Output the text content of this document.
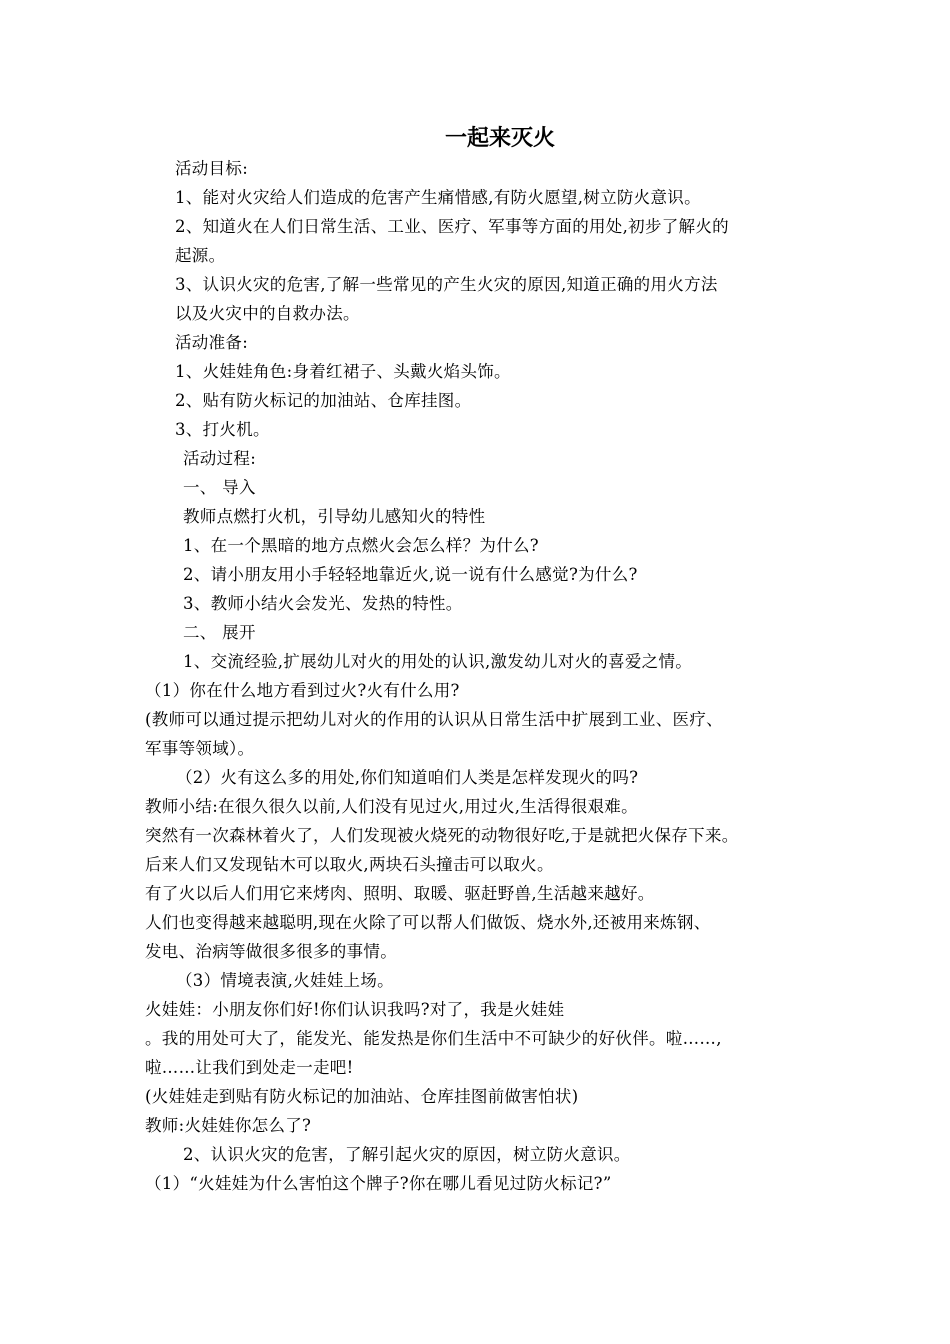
一起来灭火
活动目标:
1、能对火灾给人们造成的危害产生痛惜感,有防火愿望,树立防火意识。
2、知道火在人们日常生活、工业、医疗、军事等方面的用处,初步了解火的
起源。
3、认识火灾的危害,了解一些常见的产生火灾的原因,知道正确的用火方法
以及火灾中的自救办法。
活动准备:
1、火娃娃角色:身着红裙子、头戴火焰头饰。
2、贴有防火标记的加油站、仓库挂图。
3、打火机。
活动过程:
一、 导入
教师点燃打火机，引导幼儿感知火的特性
1、在一个黑暗的地方点燃火会怎么样？为什么?
2、请小朋友用小手轻轻地靠近火,说一说有什么感觉?为什么?
3、教师小结火会发光、发热的特性。
二、 展开
1、交流经验,扩展幼儿对火的用处的认识,激发幼儿对火的喜爱之情。
（1）你在什么地方看到过火?火有什么用?
(教师可以通过提示把幼儿对火的作用的认识从日常生活中扩展到工业、医疗、
军事等领域）。
（2）火有这么多的用处,你们知道咱们人类是怎样发现火的吗?
教师小结:在很久很久以前,人们没有见过火,用过火,生活得很艰难。
突然有一次森林着火了，人们发现被火烧死的动物很好吃,于是就把火保存下来。
后来人们又发现钻木可以取火,两块石头撞击可以取火。
有了火以后人们用它来烤肉、照明、取暖、驱赶野兽,生活越来越好。
人们也变得越来越聪明,现在火除了可以帮人们做饭、烧水外,还被用来炼钢、
发电、治病等做很多很多的事情。
（3）情境表演,火娃娃上场。
火娃娃：小朋友你们好!你们认识我吗?对了，我是火娃娃
。我的用处可大了，能发光、能发热是你们生活中不可缺少的好伙伴。啦……,
啦……让我们到处走一走吧!
(火娃娃走到贴有防火标记的加油站、仓库挂图前做害怕状)
教师:火娃娃你怎么了?
2、认识火灾的危害，了解引起火灾的原因，树立防火意识。
（1）“火娃娃为什么害怕这个牌子?你在哪儿看见过防火标记?”
